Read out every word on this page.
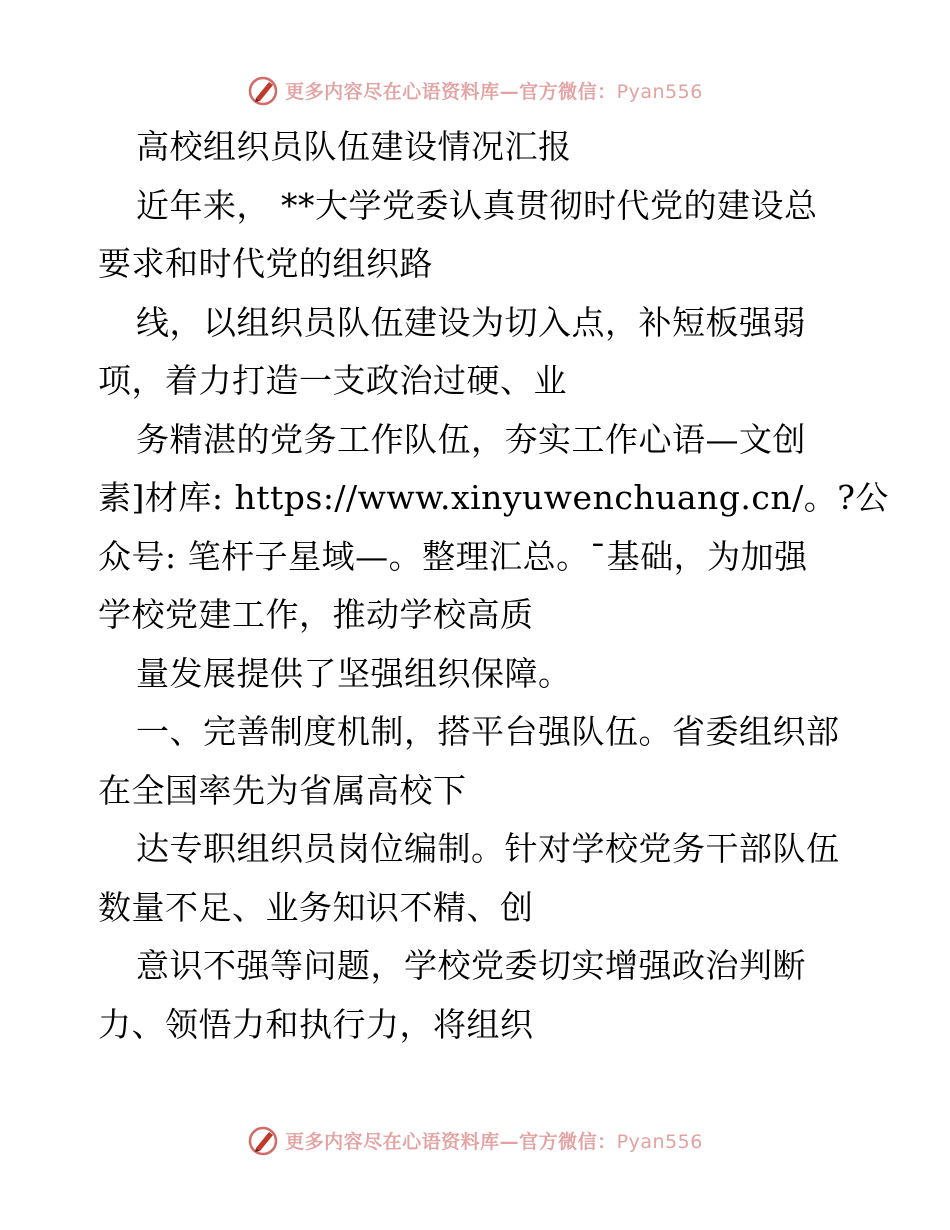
更多内容尽在心语资料库—官方微信：Pyan556
高校组织员队伍建设情况汇报
近年来， **大学党委认真贯彻时代党的建设总
要求和时代党的组织路
线，以组织员队伍建设为切入点，补短板强弱
项，着力打造一支政治过硬、业
务精湛的党务工作队伍，夯实工作心语—文创
素]材库: https://www.xinyuwenchuang.cn/。?公
众号: 笔杆子星域—。整理汇总。¯基础，为加强
学校党建工作，推动学校高质
量发展提供了坚强组织保障。
一、完善制度机制，搭平台强队伍。省委组织部
在全国率先为省属高校下
达专职组织员岗位编制。针对学校党务干部队伍
数量不足、业务知识不精、创
意识不强等问题，学校党委切实增强政治判断
力、领悟力和执行力，将组织
更多内容尽在心语资料库—官方微信：Pyan556
